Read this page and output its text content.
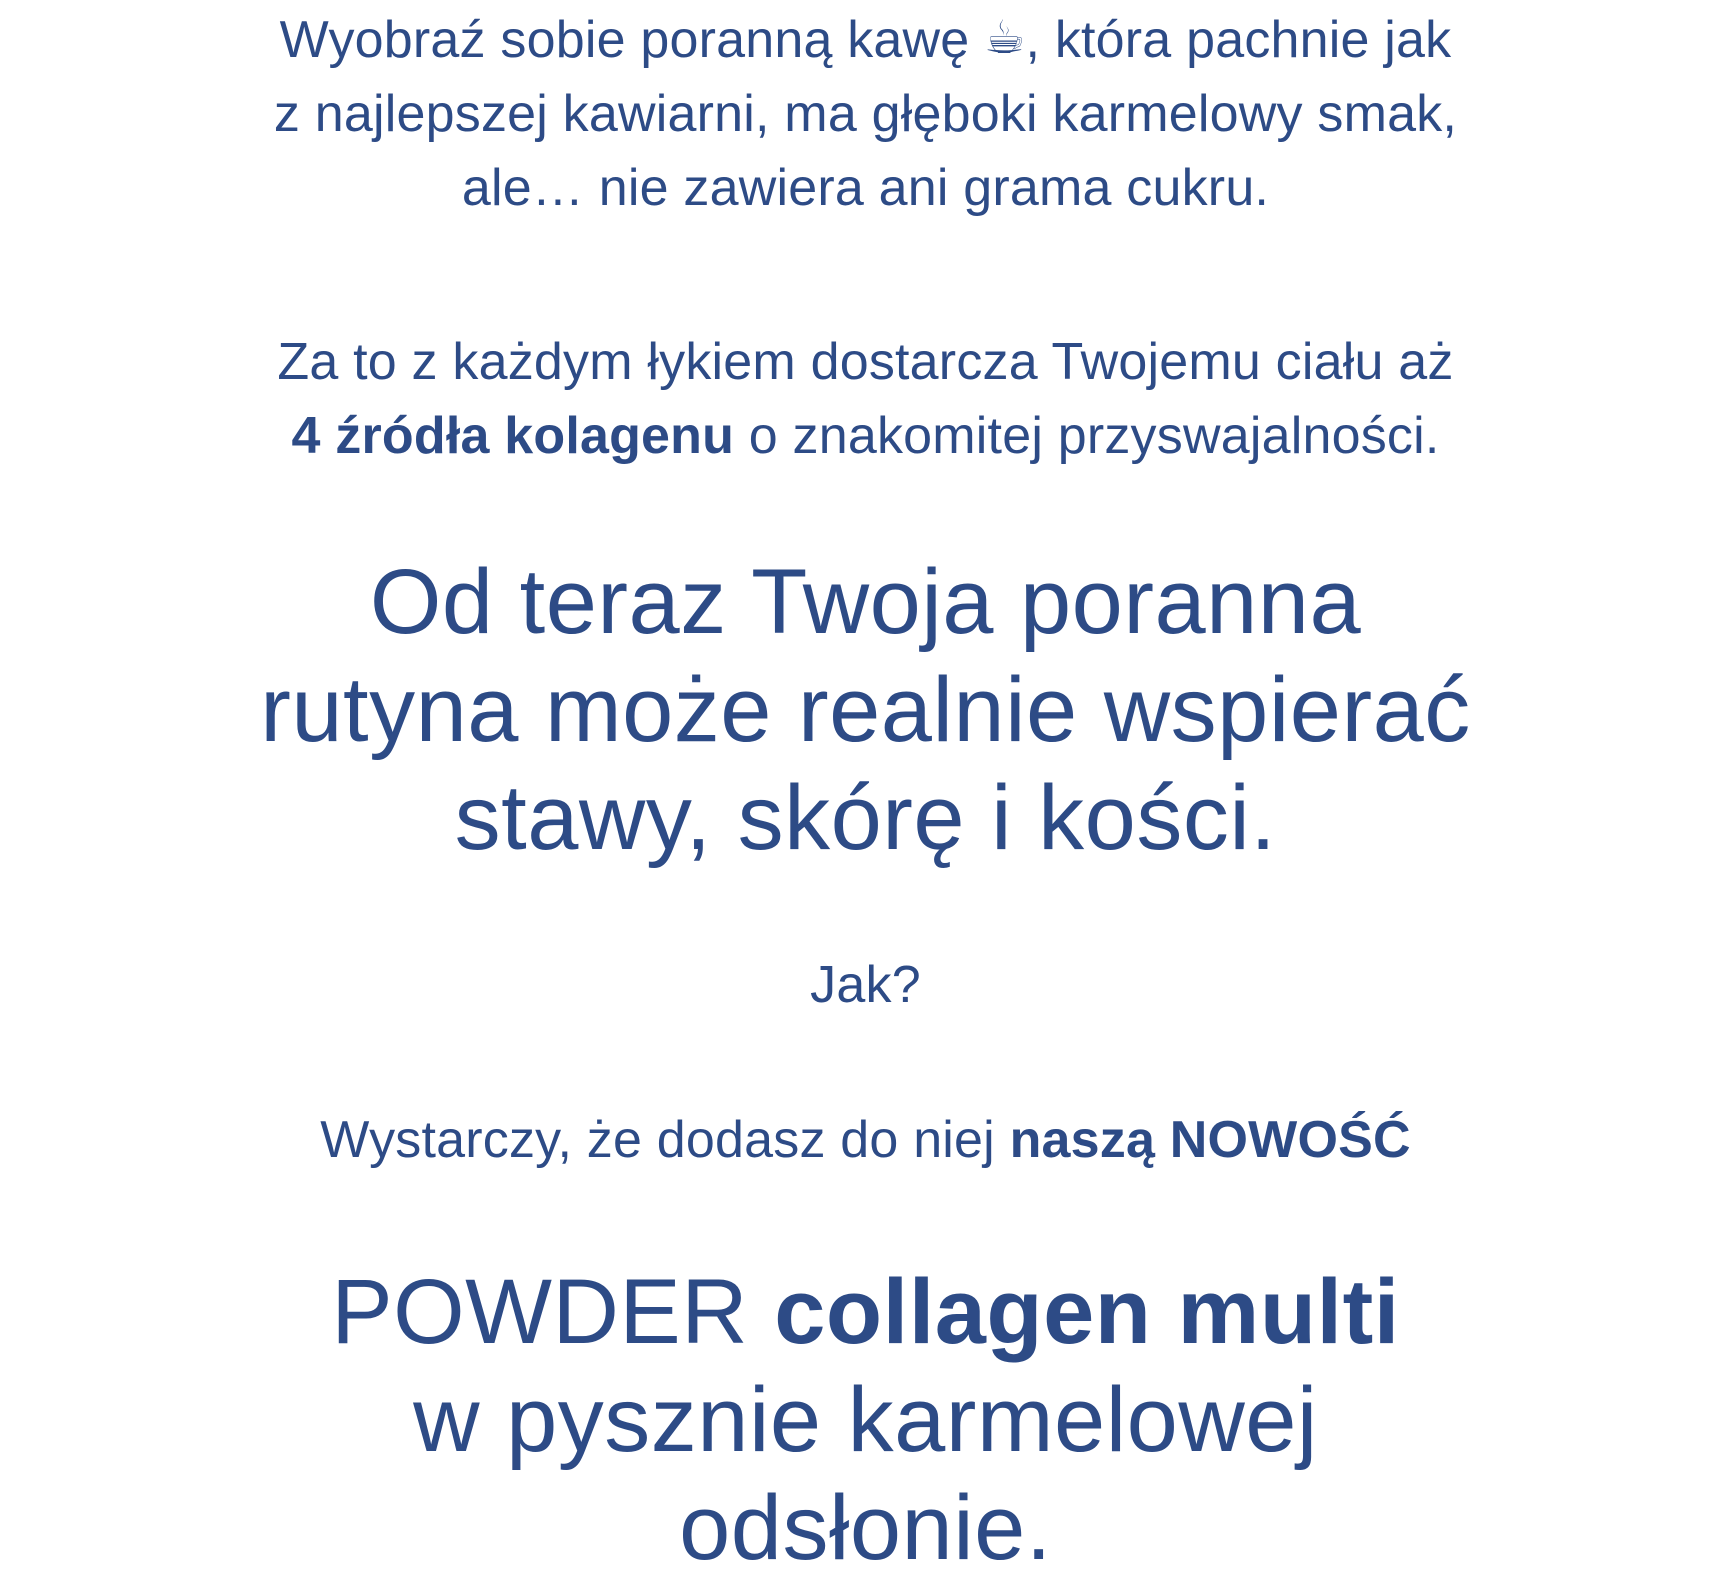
Wyobraź sobie poranną kawę ☕, która pachnie jak
z najlepszej kawiarni, ma głęboki karmelowy smak,
ale… nie zawiera ani grama cukru.
Za to z każdym łykiem dostarcza Twojemu ciału aż
4 źródła kolagenu o znakomitej przyswajalności.
Od teraz Twoja poranna
rutyna może realnie wspierać
stawy, skórę i kości.
Jak?
Wystarczy, że dodasz do niej naszą NOWOŚĆ
POWDER collagen multi
w pysznie karmelowej
odsłonie.
